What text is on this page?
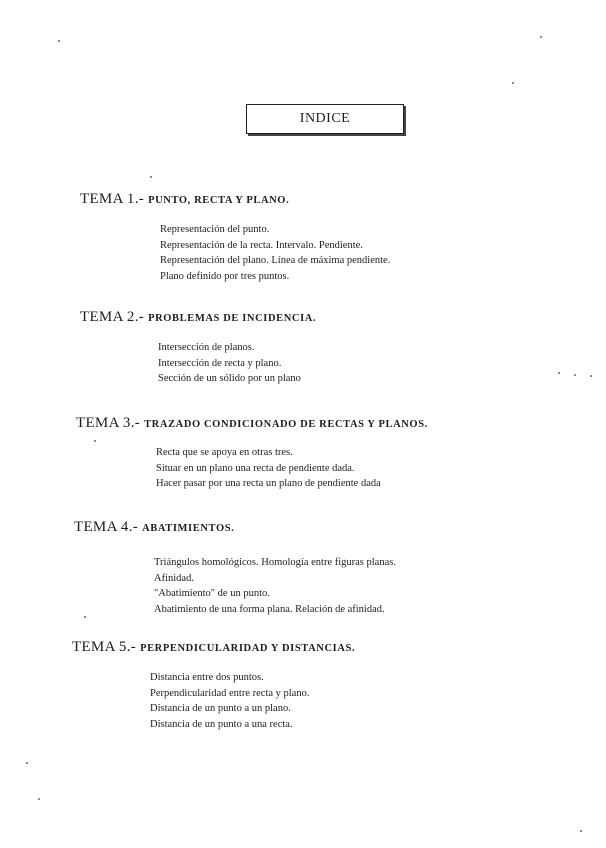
INDICE
TEMA 1.- PUNTO, RECTA Y PLANO.
Representación del punto.
Representación de la recta. Intervalo. Pendiente.
Representación del plano. Línea de máxima pendiente.
Plano definido por tres puntos.
TEMA 2.- PROBLEMAS DE INCIDENCIA.
Intersección de planos.
Intersección de recta y plano.
Sección de un sólido por un plano
TEMA 3.- TRAZADO CONDICIONADO DE RECTAS Y PLANOS.
Recta que se apoya en otras tres.
Situar en un plano una recta de pendiente dada.
Hacer pasar por una recta un plano de pendiente dada
TEMA 4.- ABATIMIENTOS.
Triángulos homológicos. Homología entre figuras planas.
Afinidad.
"Abatimiento" de un punto.
Abatimiento de una forma plana. Relación de afinidad.
TEMA 5.- PERPENDICULARIDAD Y DISTANCIAS.
Distancia entre dos puntos.
Perpendicularidad entre recta y plano.
Distancia de un punto a un plano.
Distancia de un punto a una recta.
